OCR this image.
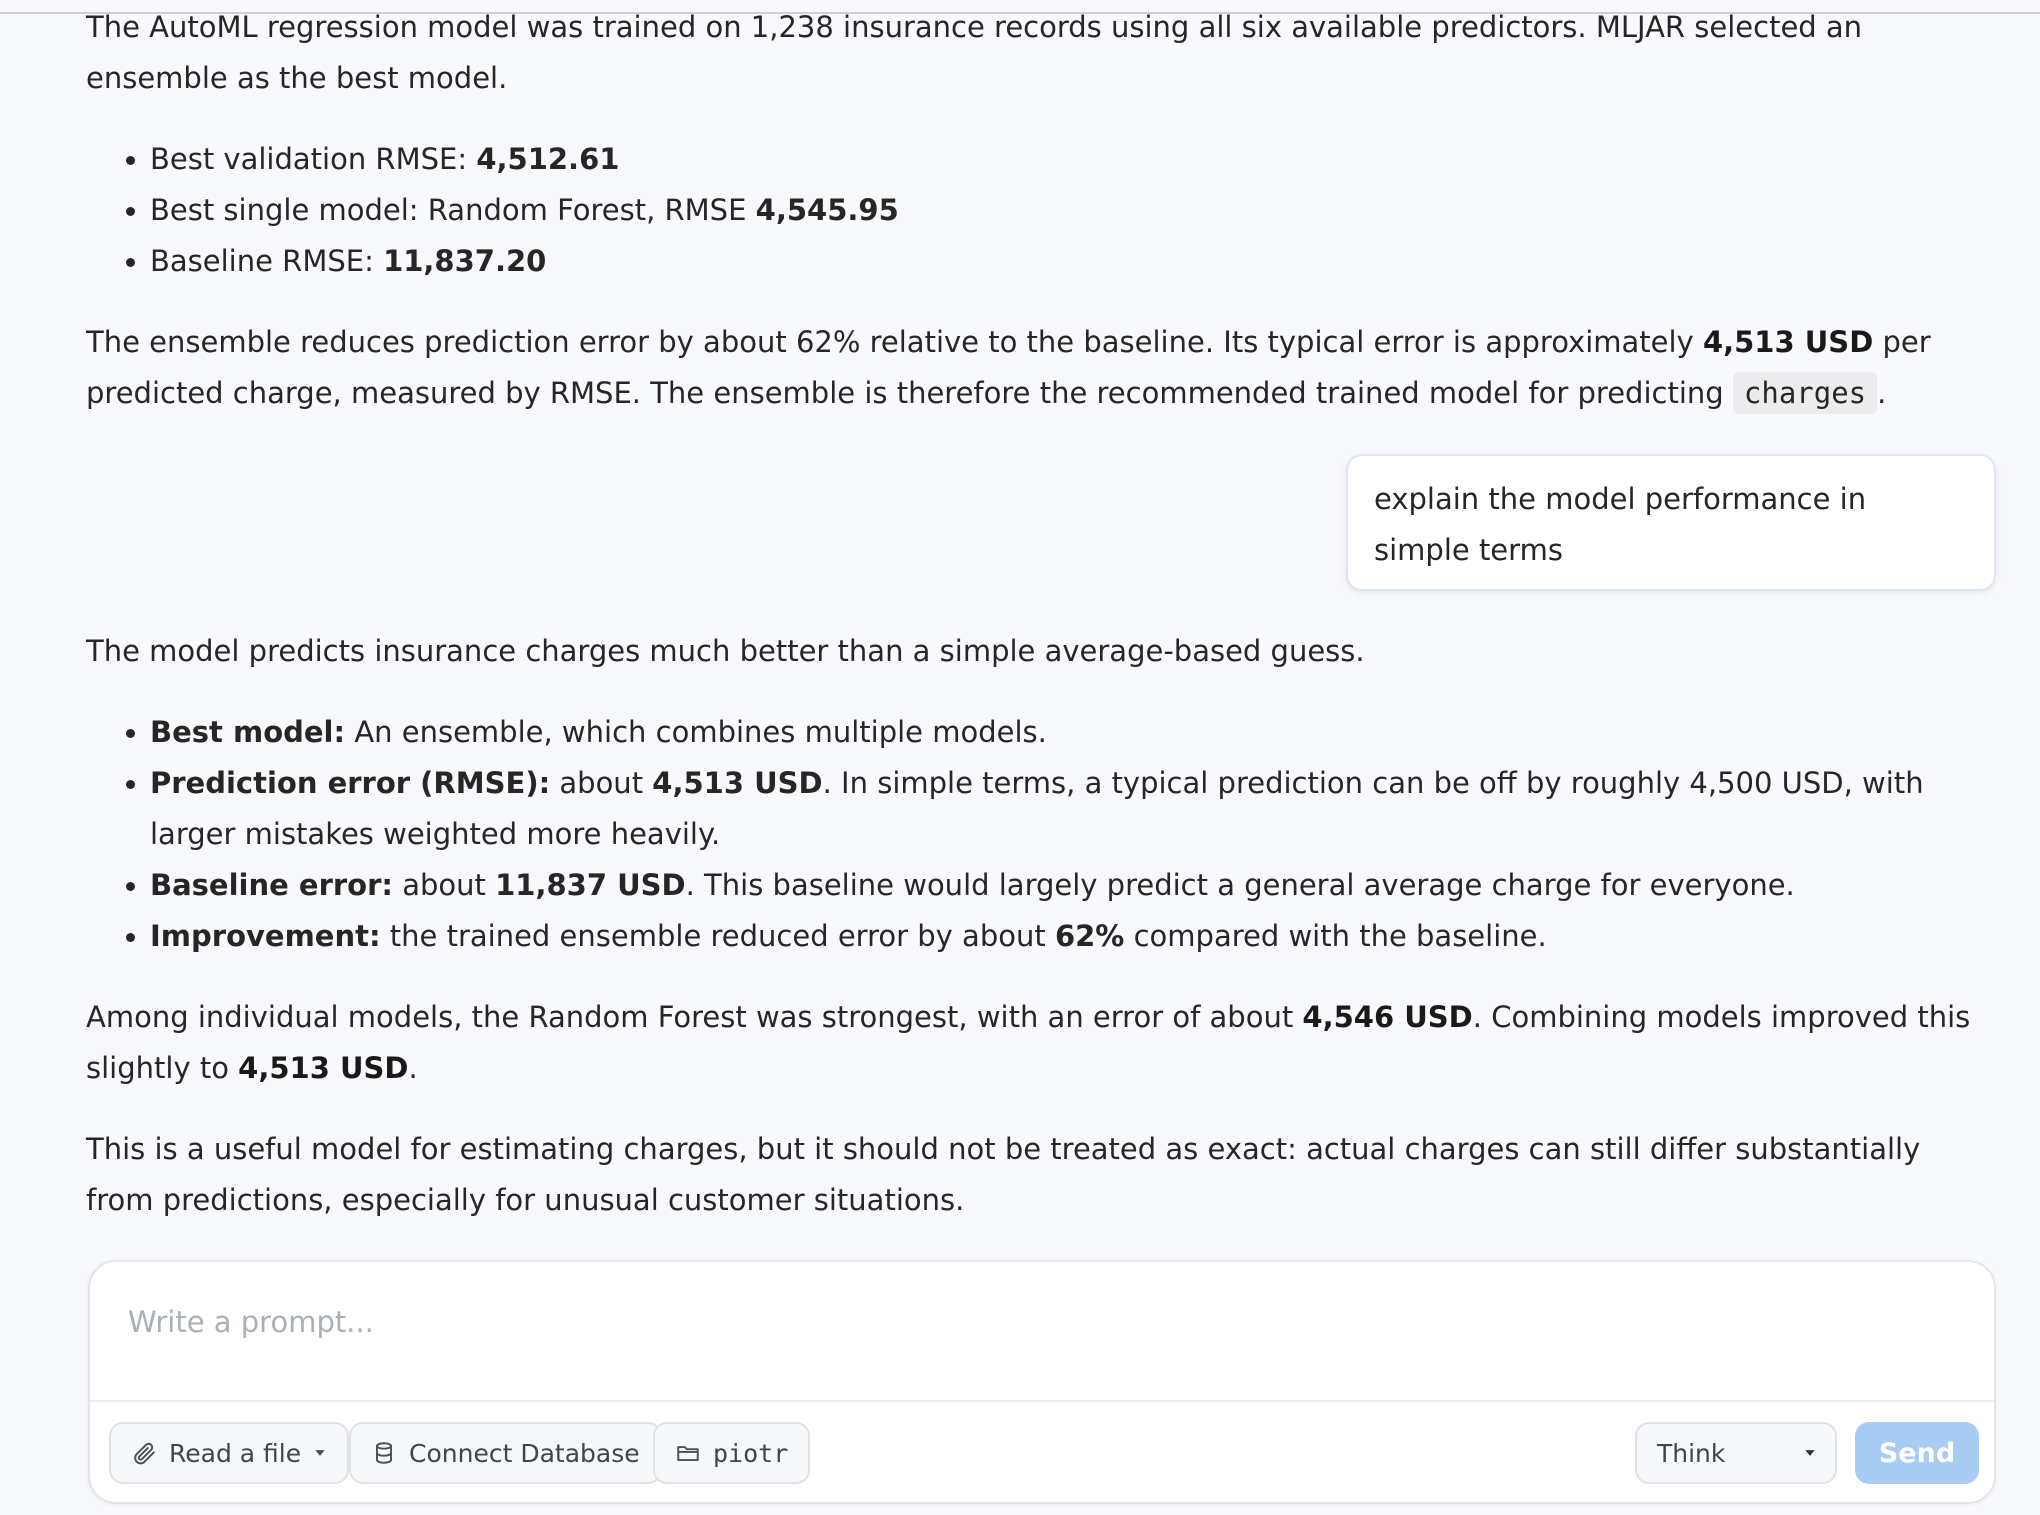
The AutoML regression model was trained on 1,238 insurance records using all six available predictors. MLJAR selected an ensemble as the best model.

Best validation RMSE: 4,512.61
Best single model: Random Forest, RMSE 4,545.95
Baseline RMSE: 11,837.20

The ensemble reduces prediction error by about 62% relative to the baseline. Its typical error is approximately 4,513 USD per predicted charge, measured by RMSE. The ensemble is therefore the recommended trained model for predicting charges .

explain the model performance in simple terms

The model predicts insurance charges much better than a simple average-based guess.

Best model: An ensemble, which combines multiple models.
Prediction error (RMSE): about 4,513 USD. In simple terms, a typical prediction can be off by roughly 4,500 USD, with larger mistakes weighted more heavily.
Baseline error: about 11,837 USD. This baseline would largely predict a general average charge for everyone.
Improvement: the trained ensemble reduced error by about 62% compared with the baseline.

Among individual models, the Random Forest was strongest, with an error of about 4,546 USD. Combining models improved this slightly to 4,513 USD.

This is a useful model for estimating charges, but it should not be treated as exact: actual charges can still differ substantially from predictions, especially for unusual customer situations.

Write a prompt...
Read a file	Connect Database	piotr	Think	Send
